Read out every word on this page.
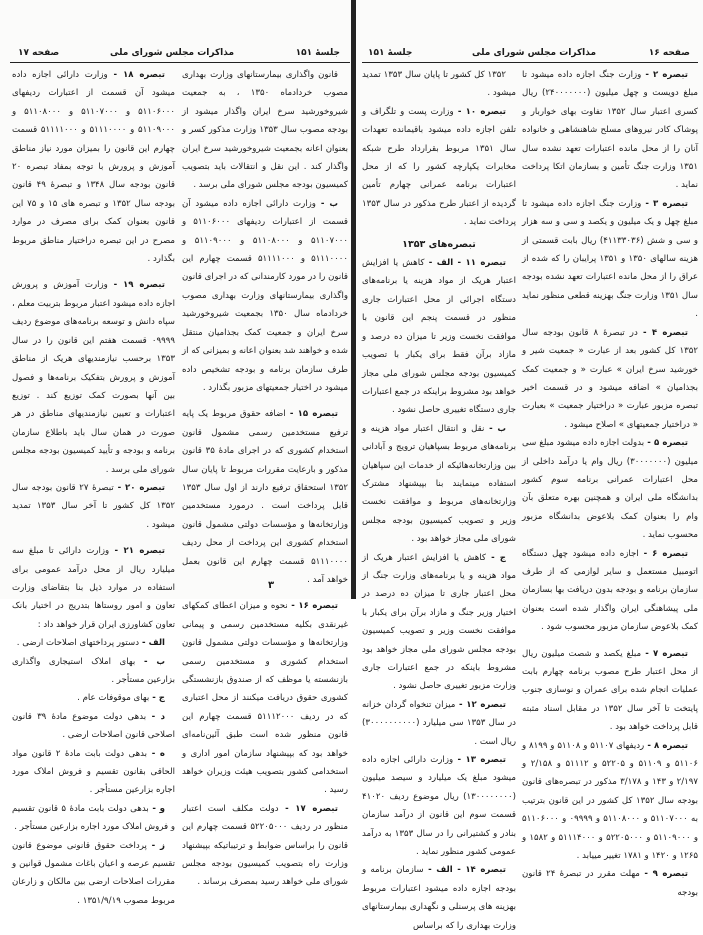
صفحه ۱۷	مذاکرات مجلس شورای ملی	جلسهٔ ۱۵۱

قانون واگذاری بیمارستانهای وزارت بهداری مصوب خردادماه ۱۳۵۰ ، به جمعیت شیروخورشید سرخ ایران واگذار میشود از بودجه مصوب سال ۱۳۵۳ وزارت مذکور کسر و بعنوان اعانه بجمعیت شیروخورشید سرخ ایران واگذار کند . این نقل و انتقالات باید بتصویب کمیسیون بودجه مجلس شورای ملی برسد .

ب - وزارت دارائی اجازه داده میشود آن قسمت از اعتبارات ردیفهای ۵۱۱۰۶۰۰۰ و ۵۱۱۰۷۰۰۰ و ۵۱۱۰۸۰۰۰ و ۵۱۱۰۹۰۰۰ و ۵۱۱۱۰۰۰۰ و ۵۱۱۱۱۰۰۰ قسمت چهارم این قانون را در مورد کارمندانی که در اجرای قانون واگذاری بیمارستانهای وزارت بهداری مصوب خردادماه سال ۱۳۵۰ بجمعیت شیروخورشید سرخ ایران و جمعیت کمک بجذامیان منتقل شده و خواهند شد بعنوان اعانه و بمیزانی که از طرف سازمان برنامه و بودجه تشخیص داده میشود در اختیار جمعیتهای مزبور بگذارد .

تبصره ۱۵ - اضافه حقوق مربوط یک پایه ترفیع مستخدمین رسمی مشمول قانون استخدام کشوری که در اجرای مادهٔ ۳۵ قانون مذکور و بارعایت مقررات مربوط تا پایان سال ۱۳۵۲ استحقاق ترفیع دارند از اول سال ۱۳۵۳ قابل پرداخت است . درمورد مستخدمین وزارتخانه‌ها و مؤسسات دولتی مشمول قانون استخدام کشوری این پرداخت از محل ردیف ۵۱۱۱۰۰۰۰ قسمت چهارم این قانون بعمل خواهد آمد .

تبصره ۱۶ - نحوه و میزان اعطای کمکهای غیرنقدی بکلیه مستخدمین رسمی و پیمانی وزارتخانه‌ها و مؤسسات دولتی مشمول قانون استخدام کشوری و مستخدمین رسمی بازنشسته یا موظف که از صندوق بازنشستگی کشوری حقوق دریافت میکنند از محل اعتباری که در ردیف ۵۱۱۱۲۰۰۰ قسمت چهارم این قانون منظور شده است طبق آئین‌نامه‌ای خواهد بود که بپیشنهاد سازمان امور اداری و استخدامی کشور بتصویب هیئت وزیران خواهد رسید .

تبصره ۱۷ - دولت مکلف است اعتبار منظور در ردیف ۵۲۲۰۵۰۰۰ قسمت چهارم این قانون را براساس ضوابط و ترتیباتیکه بپیشنهاد وزارت راه بتصویب کمیسیون بودجه مجلس شورای ملی خواهد رسید بمصرف برساند .

تبصره ۱۸ - وزارت دارائی اجازه داده میشود آن قسمت از اعتبارات ردیفهای ۵۱۱۰۶۰۰۰ و ۵۱۱۰۷۰۰۰ و ۵۱۱۰۸۰۰۰ و ۵۱۱۰۹۰۰۰ و ۵۱۱۱۰۰۰۰ و ۵۱۱۱۱۰۰۰ قسمت چهارم این قانون را بمیزان مورد نیاز مناطق آموزش و پرورش با توجه بمفاد تبصره ۲۰ قانون بودجه سال ۱۳۴۸ و تبصرهٔ ۴۹ قانون بودجه سال ۱۳۵۲ و تبصره های ۱۵ و ۷۵ این قانون بعنوان کمک برای مصرف در موارد مصرح در این تبصره دراختیار مناطق مربوط بگذارد .

تبصره ۱۹ - وزارت آموزش و پرورش اجازه داده میشود اعتبار مربوط بتربیت معلم ، سپاه دانش و توسعه برنامه‌های موضوع ردیف ۰۹۹۹۹ قسمت هفتم این قانون را در سال ۱۳۵۳ برحسب نیازمندیهای هریک از مناطق آموزش و پرورش بتفکیک برنامه‌ها و فصول بین آنها بصورت کمک توزیع کند . توزیع اعتبارات و تعیین نیازمندیهای مناطق در هر صورت در همان سال باید باطلاع سازمان برنامه و بودجه و تأیید کمیسیون بودجه مجلس شورای ملی برسد .

تبصره ۲۰ - تبصرهٔ ۲۷ قانون بودجه سال ۱۳۵۲ کل کشور تا آخر سال ۱۳۵۳ تمدید میشود .

تبصره ۲۱ - وزارت دارائی تا مبلغ سه میلیارد ریال از محل درآمد عمومی برای استفاده در موارد ذیل بنا بتقاضای وزارت تعاون و امور روستاها بتدریج در اختیار بانک تعاون کشاورزی ایران قرار خواهد داد :

الف - دستور پرداختهای اصلاحات ارضی .

ب - بهای املاک استیجاری واگذاری بزارعین مستأجر .

ج - بهای موقوفات عام .

د - بدهی دولت موضوع مادهٔ ۳۹ قانون اصلاحی قانون اصلاحات ارضی .

ه - بدهی دولت بابت مادهٔ ۲ قانون مواد الحاقی بقانون تقسیم و فروش املاک مورد اجاره بزارعین مستأجر .

و - بدهی دولت بابت مادهٔ ۵ قانون تقسیم و فروش املاک مورد اجاره بزارعین مستأجر .

ز - پرداخت حقوق قانونی موضوع قانون تقسیم عرصه و اعیان باغات مشمول قوانین و مقررات اصلاحات ارضی بین مالکان و زارعان مربوط مصوب ۱۳۵۱/۹/۱۹ .

۳
جلسهٔ ۱۵۱	مذاکرات مجلس شورای ملی	صفحه ۱۶

تبصره ۲ - وزارت جنگ اجازه داده میشود تا مبلغ دویست و چهل میلیون (۲۴۰۰۰۰۰۰۰) ریال کسری اعتبار سال ۱۳۵۲ تفاوت بهای خواربار و پوشاک کادر نیروهای مسلح شاهنشاهی و خانواده آنان را از محل مانده اعتبارات تعهد نشده سال ۱۳۵۱ وزارت جنگ تأمین و بسازمان اتکا پرداخت نماید .

تبصره ۳ - وزارت جنگ اجازه داده میشود تا مبلغ چهل و یک میلیون و یکصد و سی و سه هزار و سی و شش (۴۱۱۳۳۰۳۶) ریال بابت قسمتی از هزینه سالهای ۱۳۵۰ و ۱۳۵۱ پرایبان را که شده از عراق را از محل مانده اعتبارات تعهد نشده بودجه سال ۱۳۵۱ وزارت جنگ بهزینه قطعی منظور نماید .

تبصره ۴ - در تبصرهٔ ۸ قانون بودجه سال ۱۳۵۲ کل کشور بعد از عبارت « جمعیت شیر و خورشید سرخ ایران » عبارت « و جمعیت کمک بجذامیان » اضافه میشود و در قسمت اخیر تبصره مزبور عبارت « دراختیار جمعیت » بعبارت « دراختیار جمعیتهای » اصلاح میشود .

تبصره ۵ - بدولت اجازه داده میشود مبلغ سی میلیون (۳۰۰۰۰۰۰۰) ریال وام یا درآمد داخلی از محل اعتبارات عمرانی برنامه سوم کشور بدانشگاه ملی ایران و همچنین بهره متعلق بآن وام را بعنوان کمک بلاعوض بدانشگاه مزبور محسوب نماید .

تبصره ۶ - اجازه داده میشود چهل دستگاه اتومبیل مستعمل و سایر لوازمی که از طرف سازمان برنامه و بودجه بدون دریافت بها بسازمان ملی پیشاهنگی ایران واگذار شده است بعنوان کمک بلاعوض سازمان مزبور محسوب شود .

تبصره ۷ - مبلغ یکصد و شصت میلیون ریال از محل اعتبار طرح مصوب برنامه چهارم بابت عملیات انجام شده برای عمران و نوسازی جنوب پایتخت تا آخر سال ۱۳۵۲ در مقابل اسناد مثبته قابل پرداخت خواهد بود .

تبصره ۸ - ردیفهای ۵۱۱۰۷ و ۵۱۱۰۸ و ۸۱۹۹ و ۵۱۱۰۶ و ۵۱۱۰۹ و ۵۲۲۰۵ و ۵۱۱۱۲ و ۲/۱۵۸ و ۲/۱۹۷ و ۱۴۳ و ۳/۱۷۸ مذکور در تبصره‌های قانون بودجه سال ۱۳۵۲ کل کشور در این قانون بترتیب به ۵۱۱۰۷۰۰۰ و ۵۱۱۰۸۰۰۰ و ۰۹۹۹۹ و ۵۱۱۰۶۰۰۰ و ۵۱۱۰۹۰۰۰ و ۵۲۲۰۵۰۰۰ و ۵۱۱۱۴۰۰۰ و ۱۵۸۲ و ۱۲۶۵ و ۱۴۲۰ و ۱۷۸۱ تغییر مییابد .

تبصره ۹ - مهلت مقرر در تبصرهٔ ۲۴ قانون بودجه

۱۳۵۲ کل کشور تا پایان سال ۱۳۵۳ تمدید میشود .

تبصره ۱۰ - وزارت پست و تلگراف و تلفن اجازه داده میشود باقیمانده تعهدات سال ۱۳۵۱ مربوط بقرارداد طرح شبکه مخابرات یکپارچه کشور را که از محل اعتبارات برنامه عمرانی چهارم تأمین گردیده از اعتبار طرح مذکور در سال ۱۳۵۳ پرداخت نماید .

تبصره‌های ۱۳۵۳

تبصره ۱۱ - الف - کاهش یا افزایش اعتبار هریک از مواد هزینه یا برنامه‌های دستگاه اجرائی از محل اعتبارات جاری منظور در قسمت پنجم این قانون با موافقت نخست وزیر تا میزان ده درصد و مازاد برآن فقط برای یکبار با تصویب کمیسیون بودجه مجلس شورای ملی مجاز خواهد بود مشروط براینکه در جمع اعتبارات جاری دستگاه تغییری حاصل نشود .

ب - نقل و انتقال اعتبار مواد هزینه و برنامه‌های مربوط بسپاهیان ترویج و آبادانی بین وزارتخانه‌هائیکه از خدمات این سپاهیان استفاده مینمایند بنا بپیشنهاد مشترک وزارتخانه‌های مربوط و موافقت نخست وزیر و تصویب کمیسیون بودجه مجلس شورای ملی مجاز خواهد بود .

ج - کاهش یا افزایش اعتبار هریک از مواد هزینه و یا برنامه‌های وزارت جنگ از محل اعتبار جاری تا میزان ده درصد در اختیار وزیر جنگ و مازاد برآن برای یکبار با موافقت نخست وزیر و تصویب کمیسیون بودجه مجلس شورای ملی مجاز خواهد بود مشروط باینکه در جمع اعتبارات جاری وزارت مزبور تغییری حاصل نشود .

تبصره ۱۲ - میزان تنخواه گردان خزانه در سال ۱۳۵۳ سی میلیارد (۳۰۰۰۰۰۰۰۰۰۰) ریال است .

تبصره ۱۳ - وزارت دارائی اجازه داده میشود مبلغ یک میلیارد و سیصد میلیون (۱۳۰۰۰۰۰۰۰۰) ریال موضوع ردیف ۴۱۰۲۰ قسمت سوم این قانون از درآمد سازمان بنادر و کشتیرانی را در سال ۱۳۵۳ به درآمد عمومی کشور منظور نماید .

تبصره ۱۴ - الف - سازمان برنامه و بودجه اجازه داده میشود اعتبارات مربوط بهزینه های پرسنلی و نگهداری بیمارستانهای وزارت بهداری را که براساس
